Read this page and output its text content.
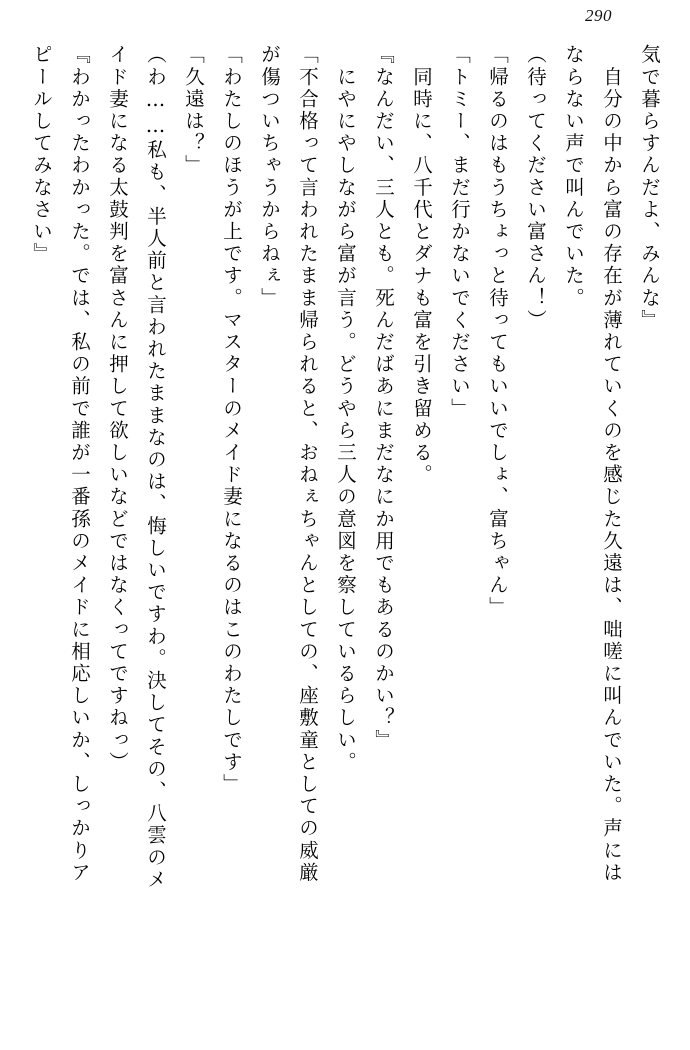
290
気で暮らすんだよ、みんな』
　自分の中から富の存在が薄れていくのを感じた久遠は、咄嗟に叫んでいた。声には
ならない声で叫んでいた。
（待ってください富さん！）
「帰るのはもうちょっと待ってもいいでしょ、富ちゃん」
「トミー、まだ行かないでください」
　同時に、八千代とダナも富を引き留める。
『なんだい、三人とも。死んだばあにまだなにか用でもあるのかい？』
　にやにやしながら富が言う。どうやら三人の意図を察しているらしい。
「不合格って言われたまま帰られると、おねぇちゃんとしての、座敷童としての威厳
が傷ついちゃうからねぇ」
「わたしのほうが上です。マスターのメイド妻になるのはこのわたしです」
「久遠は？」
（わ……私も、半人前と言われたままなのは、悔しいですわ。決してその、八雲のメ
イド妻になる太鼓判を富さんに押して欲しいなどではなくってですねっ）
『わかったわかった。では、私の前で誰が一番孫のメイドに相応しいか、しっかりア
ピールしてみなさい』
